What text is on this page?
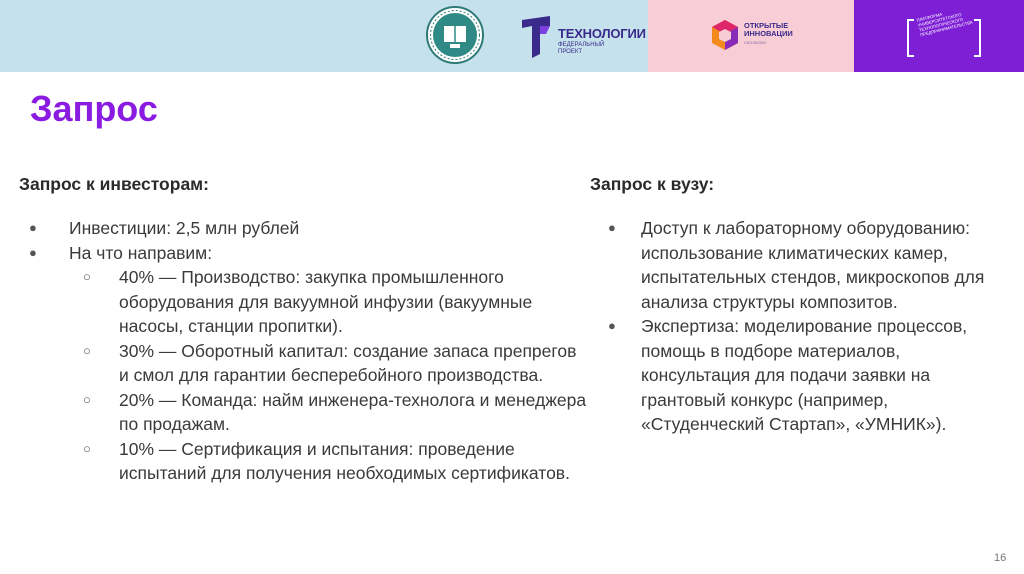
ТЕХНОЛОГИИ
ФЕДЕРАЛЬНЫЙ ПРОЕКТ
ОТКРЫТЫЕ ИННОВАЦИИ
СКОЛКОВО
ПЛАТФОРМА УНИВЕРСИТЕТСКОГО ТЕХНОЛОГИЧЕСКОГО ПРЕДПРИНИМАТЕЛЬСТВА
Запрос
Запрос к инвесторам:
● Инвестиции: 2,5 млн рублей
● На что направим:
○ 40% — Производство: закупка промышленного оборудования для вакуумной инфузии (вакуумные насосы, станции пропитки).
○ 30% — Оборотный капитал: создание запаса препрегов и смол для гарантии бесперебойного производства.
○ 20% — Команда: найм инженера-технолога и менеджера по продажам.
○ 10% — Сертификация и испытания: проведение испытаний для получения необходимых сертификатов.
Запрос к вузу:
● Доступ к лабораторному оборудованию: использование климатических камер, испытательных стендов, микроскопов для анализа структуры композитов.
● Экспертиза: моделирование процессов, помощь в подборе материалов, консультация для подачи заявки на грантовый конкурс (например, «Студенческий Стартап», «УМНИК»).
16
